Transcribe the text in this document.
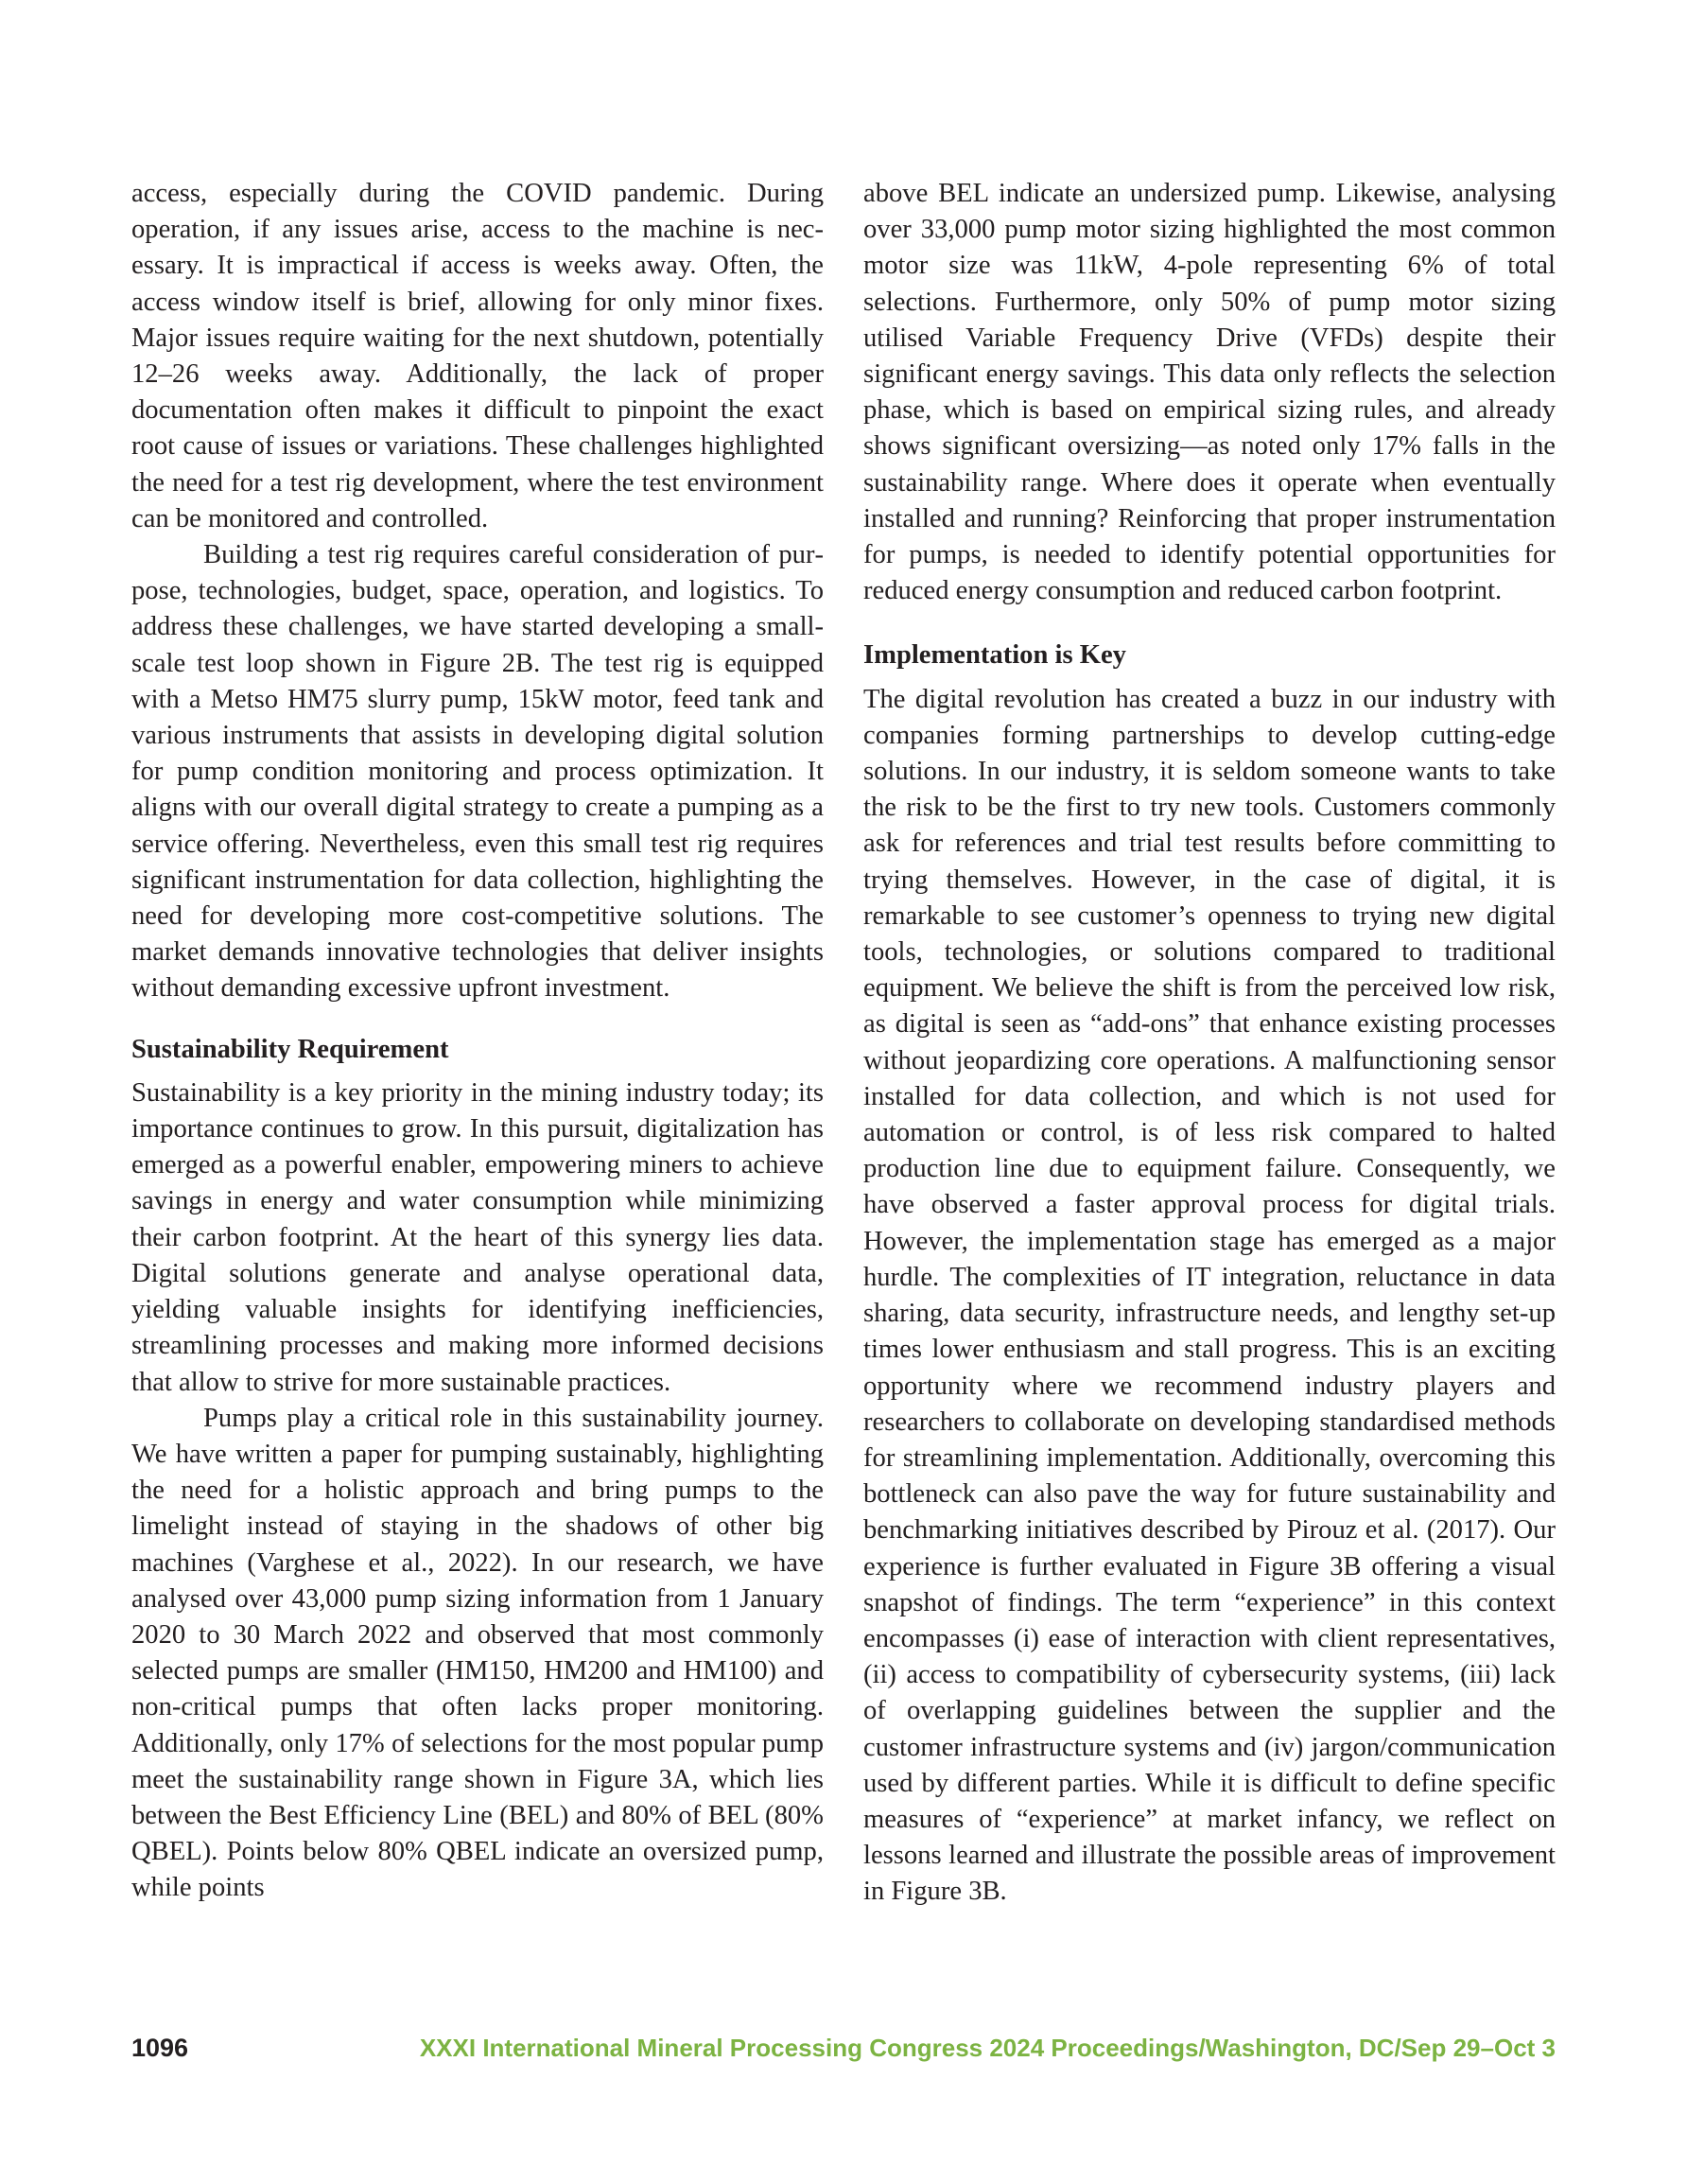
access, especially during the COVID pandemic. During operation, if any issues arise, access to the machine is necessary. It is impractical if access is weeks away. Often, the access window itself is brief, allowing for only minor fixes. Major issues require waiting for the next shutdown, potentially 12–26 weeks away. Additionally, the lack of proper documentation often makes it difficult to pinpoint the exact root cause of issues or variations. These challenges highlighted the need for a test rig development, where the test environment can be monitored and controlled.

Building a test rig requires careful consideration of purpose, technologies, budget, space, operation, and logistics. To address these challenges, we have started developing a small-scale test loop shown in Figure 2B. The test rig is equipped with a Metso HM75 slurry pump, 15kW motor, feed tank and various instruments that assists in developing digital solution for pump condition monitoring and process optimization. It aligns with our overall digital strategy to create a pumping as a service offering. Nevertheless, even this small test rig requires significant instrumentation for data collection, highlighting the need for developing more cost-competitive solutions. The market demands innovative technologies that deliver insights without demanding excessive upfront investment.

Sustainability Requirement

Sustainability is a key priority in the mining industry today; its importance continues to grow. In this pursuit, digitalization has emerged as a powerful enabler, empowering miners to achieve savings in energy and water consumption while minimizing their carbon footprint. At the heart of this synergy lies data. Digital solutions generate and analyse operational data, yielding valuable insights for identifying inefficiencies, streamlining processes and making more informed decisions that allow to strive for more sustainable practices.

Pumps play a critical role in this sustainability journey. We have written a paper for pumping sustainably, highlighting the need for a holistic approach and bring pumps to the limelight instead of staying in the shadows of other big machines (Varghese et al., 2022). In our research, we have analysed over 43,000 pump sizing information from 1 January 2020 to 30 March 2022 and observed that most commonly selected pumps are smaller (HM150, HM200 and HM100) and non-critical pumps that often lacks proper monitoring. Additionally, only 17% of selections for the most popular pump meet the sustainability range shown in Figure 3A, which lies between the Best Efficiency Line (BEL) and 80% of BEL (80% QBEL). Points below 80% QBEL indicate an oversized pump, while points

above BEL indicate an undersized pump. Likewise, analysing over 33,000 pump motor sizing highlighted the most common motor size was 11kW, 4-pole representing 6% of total selections. Furthermore, only 50% of pump motor sizing utilised Variable Frequency Drive (VFDs) despite their significant energy savings. This data only reflects the selection phase, which is based on empirical sizing rules, and already shows significant oversizing—as noted only 17% falls in the sustainability range. Where does it operate when eventually installed and running? Reinforcing that proper instrumentation for pumps, is needed to identify potential opportunities for reduced energy consumption and reduced carbon footprint.

Implementation is Key

The digital revolution has created a buzz in our industry with companies forming partnerships to develop cutting-edge solutions. In our industry, it is seldom someone wants to take the risk to be the first to try new tools. Customers commonly ask for references and trial test results before committing to trying themselves. However, in the case of digital, it is remarkable to see customer’s openness to trying new digital tools, technologies, or solutions compared to traditional equipment. We believe the shift is from the perceived low risk, as digital is seen as “add-ons” that enhance existing processes without jeopardizing core operations. A malfunctioning sensor installed for data collection, and which is not used for automation or control, is of less risk compared to halted production line due to equipment failure. Consequently, we have observed a faster approval process for digital trials. However, the implementation stage has emerged as a major hurdle. The complexities of IT integration, reluctance in data sharing, data security, infrastructure needs, and lengthy set-up times lower enthusiasm and stall progress. This is an exciting opportunity where we recommend industry players and researchers to collaborate on developing standardised methods for streamlining implementation. Additionally, overcoming this bottleneck can also pave the way for future sustainability and benchmarking initiatives described by Pirouz et al. (2017). Our experience is further evaluated in Figure 3B offering a visual snapshot of findings. The term “experience” in this context encompasses (i) ease of interaction with client representatives, (ii) access to compatibility of cybersecurity systems, (iii) lack of overlapping guidelines between the supplier and the customer infrastructure systems and (iv) jargon/communication used by different parties. While it is difficult to define specific measures of “experience” at market infancy, we reflect on lessons learned and illustrate the possible areas of improvement in Figure 3B.

1096	XXXI International Mineral Processing Congress 2024 Proceedings/Washington, DC/Sep 29–Oct 3
